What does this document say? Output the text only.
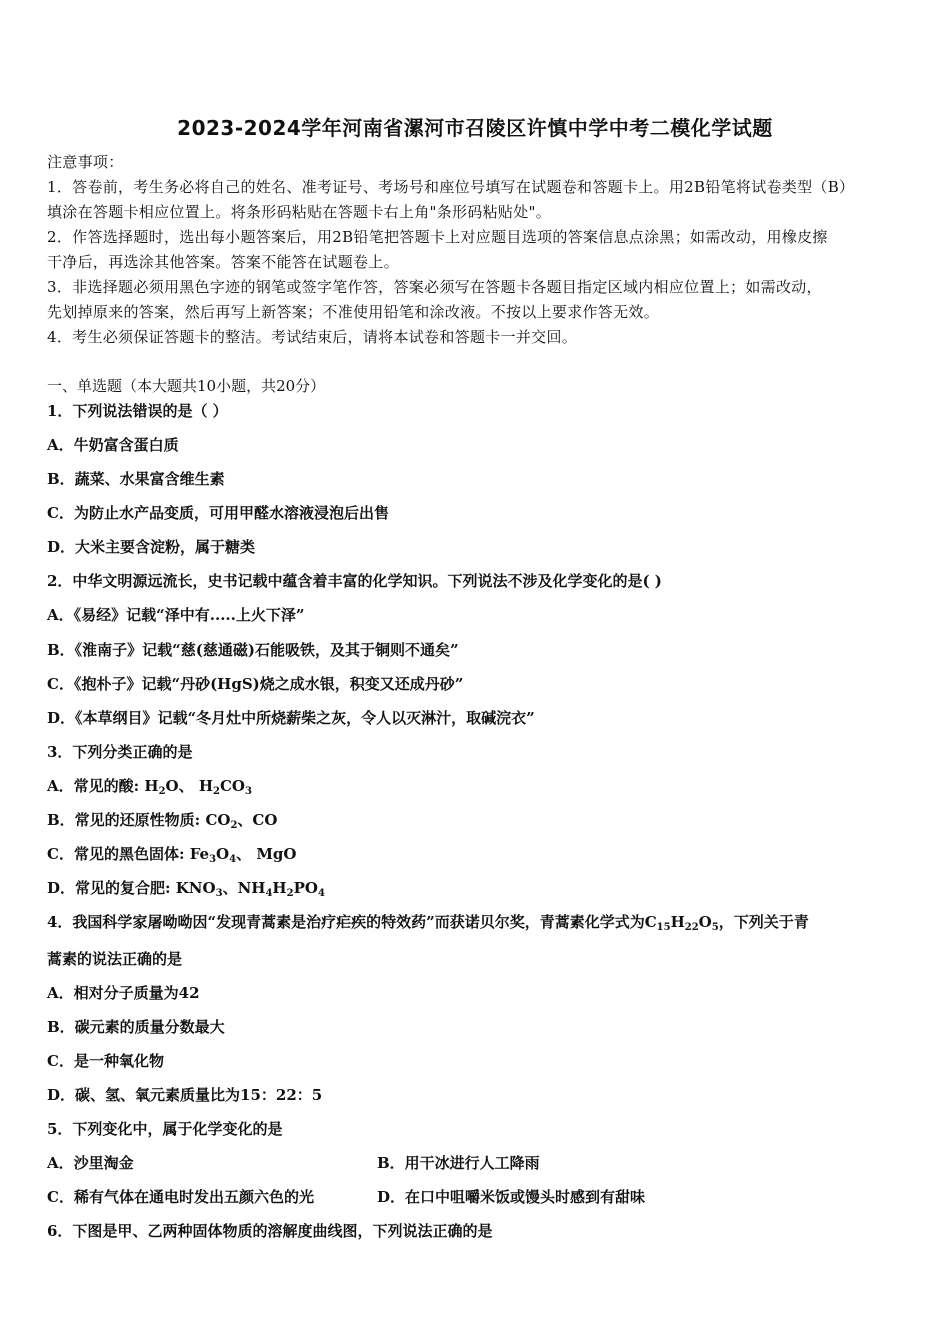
2023-2024学年河南省漯河市召陵区许慎中学中考二模化学试题
注意事项：
1．答卷前，考生务必将自己的姓名、准考证号、考场号和座位号填写在试题卷和答题卡上。用2B铅笔将试卷类型（B）
填涂在答题卡相应位置上。将条形码粘贴在答题卡右上角"条形码粘贴处"。
2．作答选择题时，选出每小题答案后，用2B铅笔把答题卡上对应题目选项的答案信息点涂黑；如需改动，用橡皮擦
干净后，再选涂其他答案。答案不能答在试题卷上。
3．非选择题必须用黑色字迹的钢笔或签字笔作答，答案必须写在答题卡各题目指定区域内相应位置上；如需改动，
先划掉原来的答案，然后再写上新答案；不准使用铅笔和涂改液。不按以上要求作答无效。
4．考生必须保证答题卡的整洁。考试结束后，请将本试卷和答题卡一并交回。
一、单选题（本大题共10小题，共20分）
1．下列说法错误的是（ ）
A．牛奶富含蛋白质
B．蔬菜、水果富含维生素
C．为防止水产品变质，可用甲醛水溶液浸泡后出售
D．大米主要含淀粉，属于糖类
2．中华文明源远流长，史书记载中蕴含着丰富的化学知识。下列说法不涉及化学变化的是( )
A．《易经》记载“泽中有.....上火下泽”
B．《淮南子》记载“慈(慈通磁)石能吸铁，及其于铜则不通矣”
C．《抱朴子》记载“丹砂(HgS)烧之成水银，积变又还成丹砂”
D．《本草纲目》记载“冬月灶中所烧薪柴之灰，令人以灭淋汁，取碱浣衣”
3．下列分类正确的是
A．常见的酸: $H_2O$、 $H_2CO_3$
B．常见的还原性物质: $CO_2$、CO
C．常见的黑色固体: $Fe_3O_4$、 MgO
D．常见的复合肥: $KNO_3$、$NH_4H_2PO_4$
4．我国科学家屠呦呦因“发现青蒿素是治疗疟疾的特效药”而获诺贝尔奖，青蒿素化学式为$C_{15}H_{22}O_5$，下列关于青
蒿素的说法正确的是
A．相对分子质量为42
B．碳元素的质量分数最大
C．是一种氧化物
D．碳、氢、氧元素质量比为15：22：5
5．下列变化中，属于化学变化的是
A．沙里淘金	B．用干冰进行人工降雨
C．稀有气体在通电时发出五颜六色的光	D．在口中咀嚼米饭或馒头时感到有甜味
6．下图是甲、乙两种固体物质的溶解度曲线图，下列说法正确的是
